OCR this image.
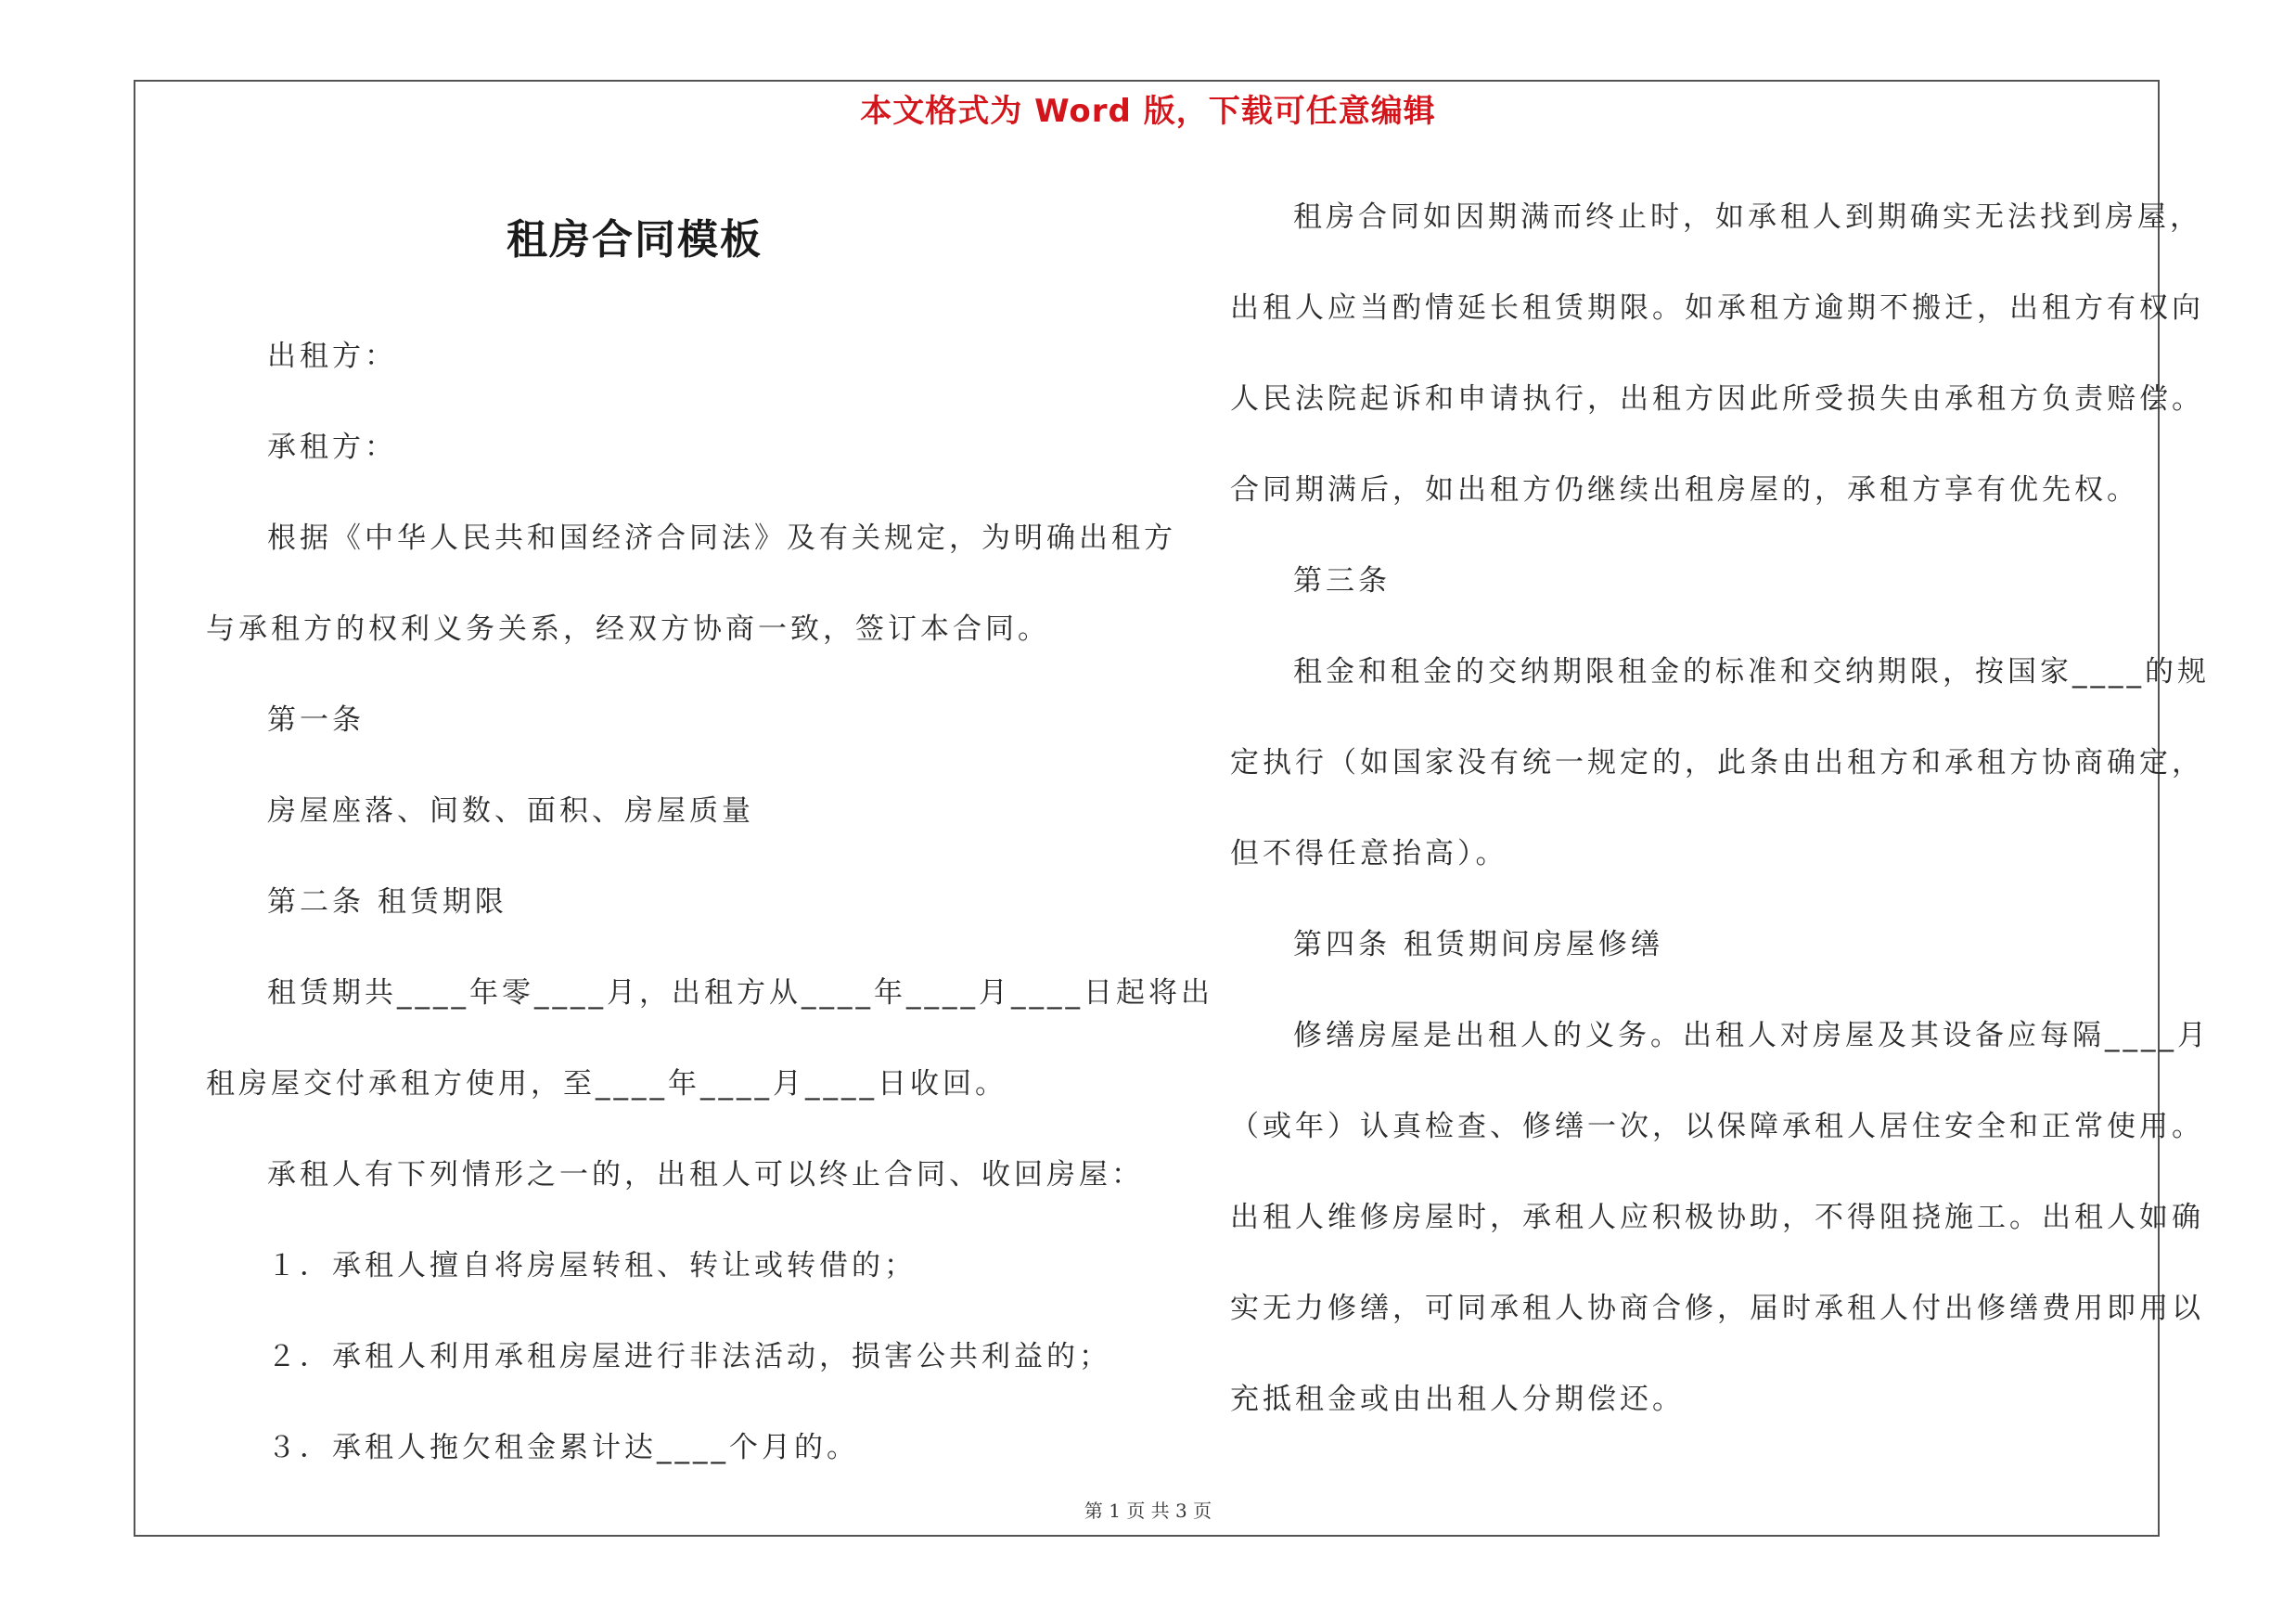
本文格式为 Word 版，下载可任意编辑
租房合同模板
出租方：
承租方：
根据《中华人民共和国经济合同法》及有关规定，为明确出租方
与承租方的权利义务关系，经双方协商一致，签订本合同。
第一条
房屋座落、间数、面积、房屋质量
第二条 租赁期限
租赁期共____年零____月，出租方从____年____月____日起将出
租房屋交付承租方使用，至____年____月____日收回。
承租人有下列情形之一的，出租人可以终止合同、收回房屋：
１．承租人擅自将房屋转租、转让或转借的；
２．承租人利用承租房屋进行非法活动，损害公共利益的；
３．承租人拖欠租金累计达____个月的。
租房合同如因期满而终止时，如承租人到期确实无法找到房屋，
出租人应当酌情延长租赁期限。如承租方逾期不搬迁，出租方有权向
人民法院起诉和申请执行，出租方因此所受损失由承租方负责赔偿。
合同期满后，如出租方仍继续出租房屋的，承租方享有优先权。
第三条
租金和租金的交纳期限租金的标准和交纳期限，按国家____的规
定执行（如国家没有统一规定的，此条由出租方和承租方协商确定，
但不得任意抬高）。
第四条 租赁期间房屋修缮
修缮房屋是出租人的义务。出租人对房屋及其设备应每隔____月
（或年）认真检查、修缮一次，以保障承租人居住安全和正常使用。
出租人维修房屋时，承租人应积极协助，不得阻挠施工。出租人如确
实无力修缮，可同承租人协商合修，届时承租人付出修缮费用即用以
充抵租金或由出租人分期偿还。
第 1 页 共 3 页
